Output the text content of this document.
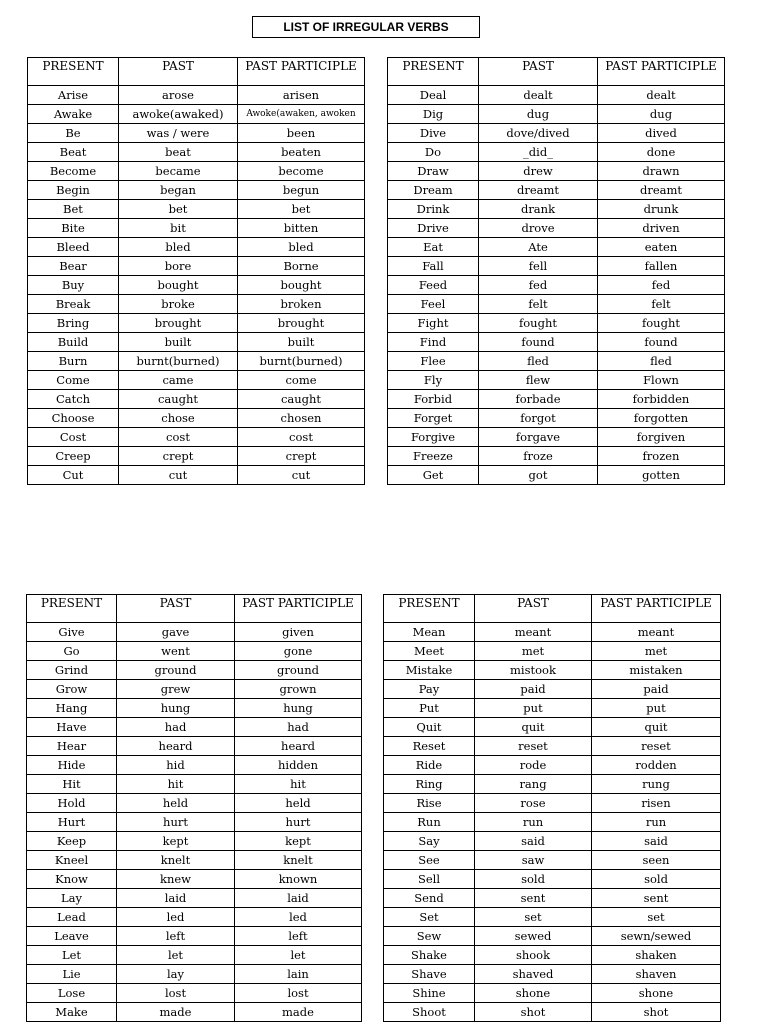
LIST OF IRREGULAR VERBS
PRESENT	PAST	PAST PARTICIPLE
Arise	arose	arisen
Awake	awoke(awaked)	Awoke(awaken, awoken
Be	was / were	been
Beat	beat	beaten
Become	became	become
Begin	began	begun
Bet	bet	bet
Bite	bit	bitten
Bleed	bled	bled
Bear	bore	Borne
Buy	bought	bought
Break	broke	broken
Bring	brought	brought
Build	built	built
Burn	burnt(burned)	burnt(burned)
Come	came	come
Catch	caught	caught
Choose	chose	chosen
Cost	cost	cost
Creep	crept	crept
Cut	cut	cut
PRESENT	PAST	PAST PARTICIPLE
Deal	dealt	dealt
Dig	dug	dug
Dive	dove/dived	dived
Do	_did_	done
Draw	drew	drawn
Dream	dreamt	dreamt
Drink	drank	drunk
Drive	drove	driven
Eat	Ate	eaten
Fall	fell	fallen
Feed	fed	fed
Feel	felt	felt
Fight	fought	fought
Find	found	found
Flee	fled	fled
Fly	flew	Flown
Forbid	forbade	forbidden
Forget	forgot	forgotten
Forgive	forgave	forgiven
Freeze	froze	frozen
Get	got	gotten
PRESENT	PAST	PAST PARTICIPLE
Give	gave	given
Go	went	gone
Grind	ground	ground
Grow	grew	grown
Hang	hung	hung
Have	had	had
Hear	heard	heard
Hide	hid	hidden
Hit	hit	hit
Hold	held	held
Hurt	hurt	hurt
Keep	kept	kept
Kneel	knelt	knelt
Know	knew	known
Lay	laid	laid
Lead	led	led
Leave	left	left
Let	let	let
Lie	lay	lain
Lose	lost	lost
Make	made	made
PRESENT	PAST	PAST PARTICIPLE
Mean	meant	meant
Meet	met	met
Mistake	mistook	mistaken
Pay	paid	paid
Put	put	put
Quit	quit	quit
Reset	reset	reset
Ride	rode	rodden
Ring	rang	rung
Rise	rose	risen
Run	run	run
Say	said	said
See	saw	seen
Sell	sold	sold
Send	sent	sent
Set	set	set
Sew	sewed	sewn/sewed
Shake	shook	shaken
Shave	shaved	shaven
Shine	shone	shone
Shoot	shot	shot
